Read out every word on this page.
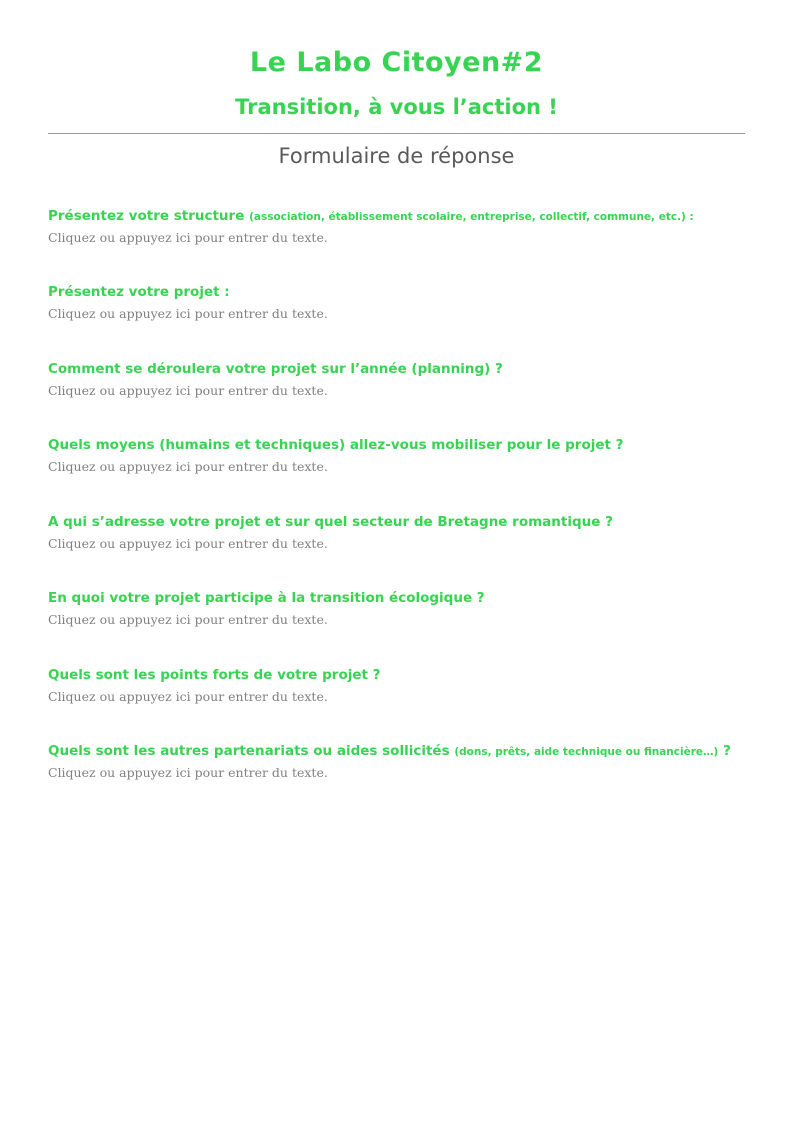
Le Labo Citoyen#2
Transition, à vous l’action !
Formulaire de réponse
Présentez votre structure (association, établissement scolaire, entreprise, collectif, commune, etc.) :
Cliquez ou appuyez ici pour entrer du texte.
Présentez votre projet :
Cliquez ou appuyez ici pour entrer du texte.
Comment se déroulera votre projet sur l’année (planning) ?
Cliquez ou appuyez ici pour entrer du texte.
Quels moyens (humains et techniques) allez-vous mobiliser pour le projet ?
Cliquez ou appuyez ici pour entrer du texte.
A qui s’adresse votre projet et sur quel secteur de Bretagne romantique ?
Cliquez ou appuyez ici pour entrer du texte.
En quoi votre projet participe à la transition écologique ?
Cliquez ou appuyez ici pour entrer du texte.
Quels sont les points forts de votre projet ?
Cliquez ou appuyez ici pour entrer du texte.
Quels sont les autres partenariats ou aides sollicités (dons, prêts, aide technique ou financière…) ?
Cliquez ou appuyez ici pour entrer du texte.
